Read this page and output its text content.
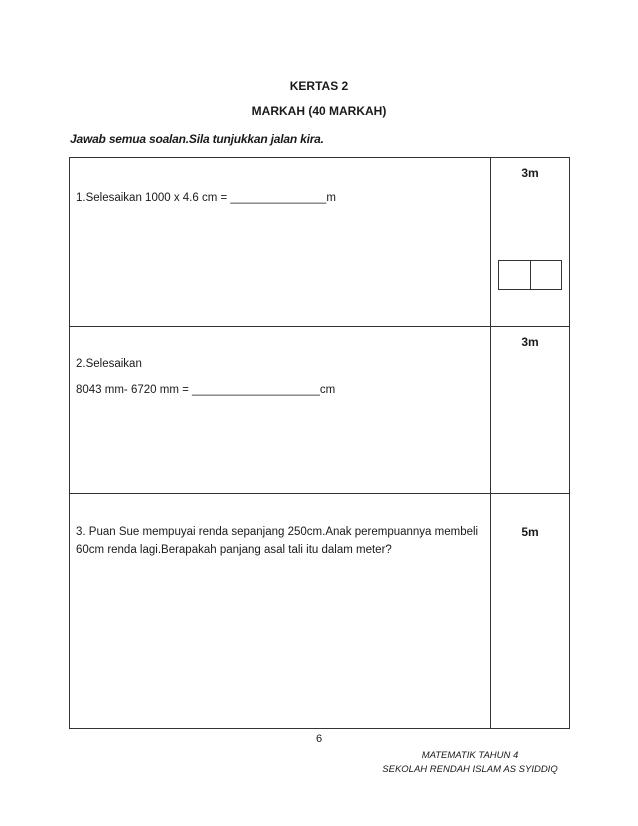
KERTAS 2
MARKAH (40 MARKAH)
Jawab semua soalan.Sila tunjukkan jalan kira.
1.Selesaikan 1000 x 4.6 cm = _______________m	3m

2.Selesaikan
8043 mm- 6720 mm = ____________________cm	3m

3. Puan Sue mempuyai renda sepanjang 250cm.Anak perempuannya membeli 60cm renda lagi.Berapakah panjang asal tali itu dalam meter?	5m
6
MATEMATIK TAHUN 4
SEKOLAH RENDAH ISLAM AS SYIDDIQ
